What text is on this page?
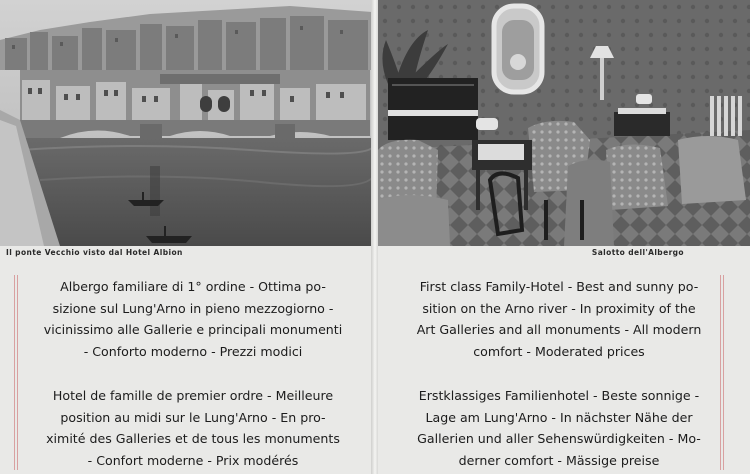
Il ponte Vecchio visto dal Hotel Albion
Albergo familiare di 1° ordine - Ottima po-
sizione sul Lung'Arno in pieno mezzogiorno -
vicinissimo alle Gallerie e principali monumenti
- Conforto moderno - Prezzi modici
Hotel de famille de premier ordre - Meilleure
position au midi sur le Lung'Arno - En pro-
ximité des Galleries et de tous les monuments
- Confort moderne - Prix modérés
Salotto dell'Albergo
First class Family-Hotel - Best and sunny po-
sition on the Arno river - In proximity of the
Art Galleries and all monuments - All modern
comfort - Moderated prices
Erstklassiges Familienhotel - Beste sonnige -
Lage am Lung'Arno - In nächster Nähe der
Gallerien und aller Sehenswürdigkeiten - Mo-
derner comfort - Mässige preise
